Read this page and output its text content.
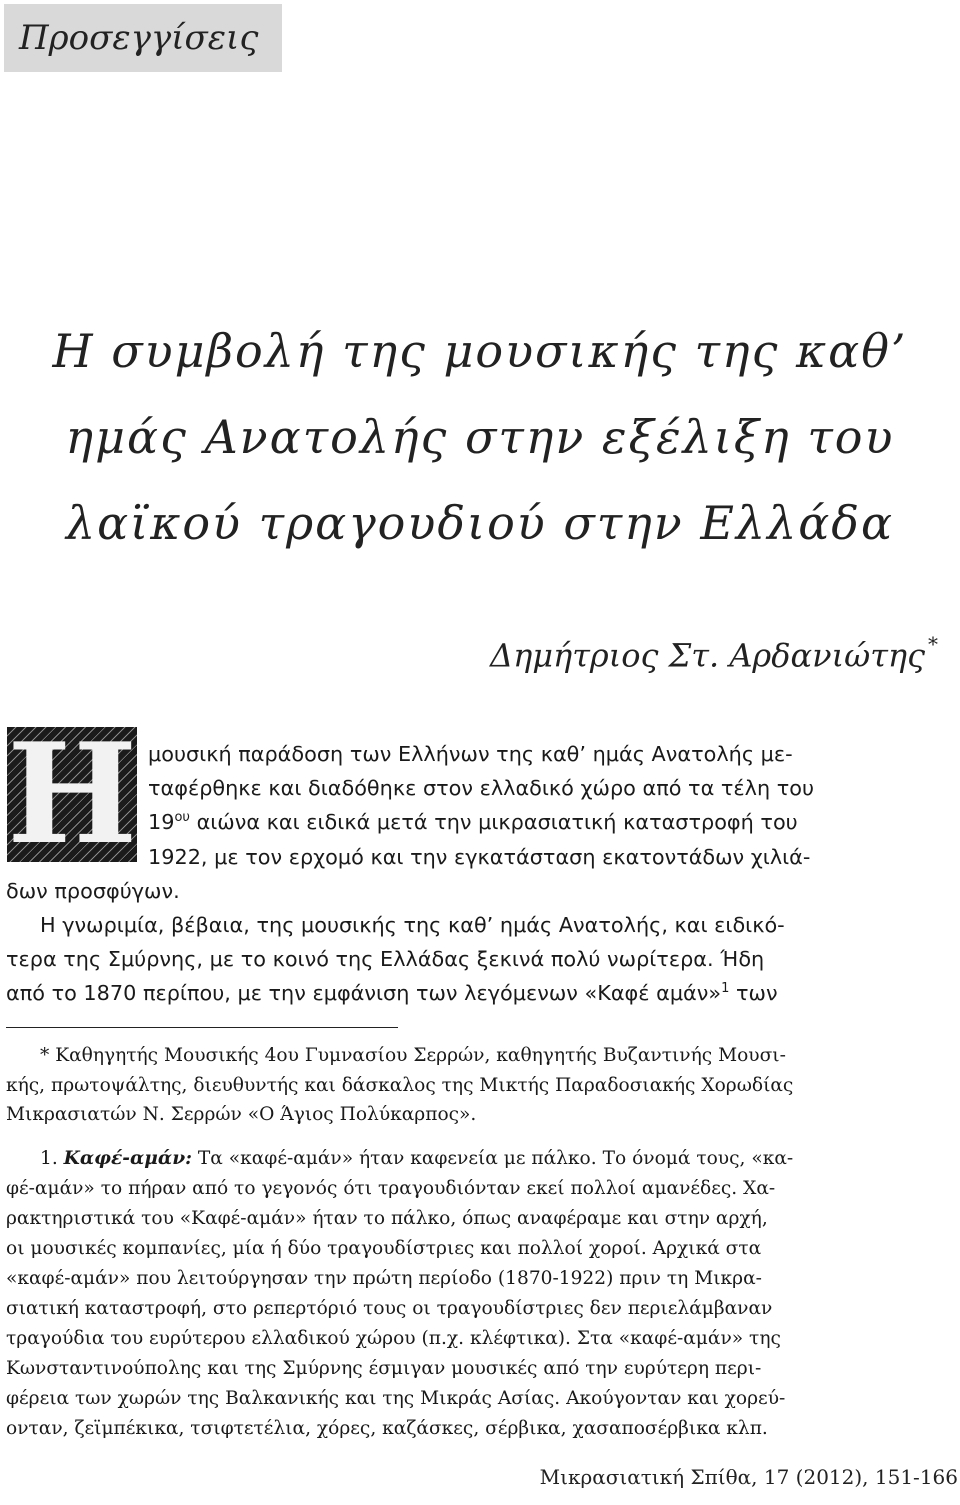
Προσεγγίσεις
Η συμβολή της μουσικής της καθ’
ημάς Ανατολής στην εξέλιξη του
λαϊκού τραγουδιού στην Ελλάδα
Δημήτριος Στ. Αρδανιώτης *
Η μουσική παράδοση των Ελλήνων της καθ’ ημάς Ανατολής με-

ταφέρθηκε και διαδόθηκε στον ελλαδικό χώρο από τα τέλη του

$19^{o\upsilon}$ αιώνα και ειδικά μετά την μικρασιατική καταστροφή του

1922, με τον ερχομό και την εγκατάσταση εκατοντάδων χιλιά-

δων προσφύγων.

Η γνωριμία, βέβαια, της μουσικής της καθ’ ημάς Ανατολής, και ειδικό-

τερα της Σμύρνης, με το κοινό της Ελλάδας ξεκινά πολύ νωρίτερα. Ήδη

από το 1870 περίπου, με την εμφάνιση των λεγόμενων «Καφέ αμάν»$^1$ των

* Καθηγητής Μουσικής 4ου Γυμνασίου Σερρών, καθηγητής Βυζαντινής Μουσι-

κής, πρωτοψάλτης, διευθυντής και δάσκαλος της Μικτής Παραδοσιακής Χορωδίας

Μικρασιατών Ν. Σερρών «Ο Άγιος Πολύκαρπος».

1. Καφέ-αμάν: Τα «καφέ-αμάν» ήταν καφενεία με πάλκο. Το όνομά τους, «κα-

φέ-αμάν» το πήραν από το γεγονός ότι τραγουδιόνταν εκεί πολλοί αμανέδες. Χα-

ρακτηριστικά του «Καφέ-αμάν» ήταν το πάλκο, όπως αναφέραμε και στην αρχή,

οι μουσικές κομπανίες, μία ή δύο τραγουδίστριες και πολλοί χοροί. Αρχικά στα

«καφέ-αμάν» που λειτούργησαν την πρώτη περίοδο (1870-1922) πριν τη Μικρα-

σιατική καταστροφή, στο ρεπερτόριό τους οι τραγουδίστριες δεν περιελάμβαναν

τραγούδια του ευρύτερου ελλαδικού χώρου (π.χ. κλέφτικα). Στα «καφέ-αμάν» της

Κωνσταντινούπολης και της Σμύρνης έσμιγαν μουσικές από την ευρύτερη περι-

φέρεια των χωρών της Βαλκανικής και της Μικράς Ασίας. Ακούγονταν και χορεύ-

ονταν, ζεϊμπέκικα, τσιφτετέλια, χόρες, καζάσκες, σέρβικα, χασαποσέρβικα κλπ.

Μικρασιατική Σπίθα, 17 (2012), 151-166
